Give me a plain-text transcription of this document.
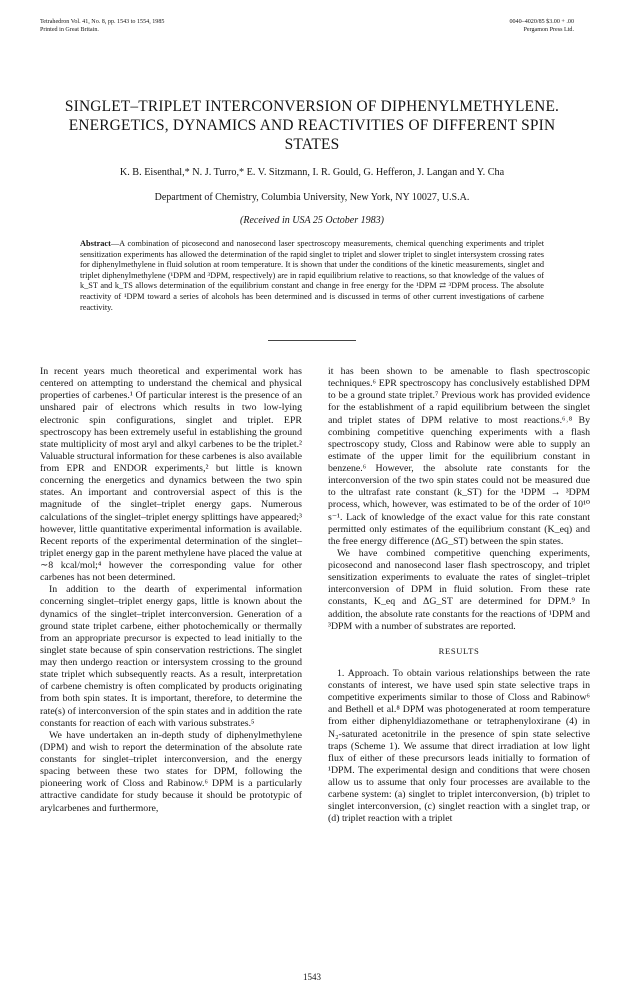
Tetrahedron Vol. 41, No. 8, pp. 1543 to 1554, 1985
Printed in Great Britain.
0040–4020/85 $3.00 + .00
Pergamon Press Ltd.
SINGLET–TRIPLET INTERCONVERSION OF DIPHENYLMETHYLENE. ENERGETICS, DYNAMICS AND REACTIVITIES OF DIFFERENT SPIN STATES
K. B. Eisenthal,* N. J. Turro,* E. V. Sitzmann, I. R. Gould, G. Hefferon, J. Langan and Y. Cha
Department of Chemistry, Columbia University, New York, NY 10027, U.S.A.
(Received in USA 25 October 1983)
Abstract—A combination of picosecond and nanosecond laser spectroscopy measurements, chemical quenching experiments and triplet sensitization experiments has allowed the determination of the rapid singlet to triplet and slower triplet to singlet intersystem crossing rates for diphenylmethylene in fluid solution at room temperature. It is shown that under the conditions of the kinetic measurements, singlet and triplet diphenylmethylene (¹DPM and ³DPM, respectively) are in rapid equilibrium relative to reactions, so that knowledge of the values of k_ST and k_TS allows determination of the equilibrium constant and change in free energy for the ¹DPM ⇄ ³DPM process. The absolute reactivity of ¹DPM toward a series of alcohols has been determined and is discussed in terms of other current investigations of carbene reactivity.

In recent years much theoretical and experimental work has centered on attempting to understand the chemical and physical properties of carbenes.¹ Of particular interest is the presence of an unshared pair of electrons which results in two low-lying electronic spin configurations, singlet and triplet. EPR spectroscopy has been extremely useful in establishing the ground state multiplicity of most aryl and alkyl carbenes to be the triplet.² Valuable structural information for these carbenes is also available from EPR and ENDOR experiments,² but little is known concerning the energetics and dynamics between the two spin states. An important and controversial aspect of this is the magnitude of the singlet–triplet energy gaps. Numerous calculations of the singlet–triplet energy splittings have appeared;³ however, little quantitative experimental information is available. Recent reports of the experimental determination of the singlet–triplet energy gap in the parent methylene have placed the value at ∼8 kcal/mol;⁴ however the corresponding value for other carbenes has not been determined.

In addition to the dearth of experimental information concerning singlet–triplet energy gaps, little is known about the dynamics of the singlet–triplet interconversion. Generation of a ground state triplet carbene, either photochemically or thermally from an appropriate precursor is expected to lead initially to the singlet state because of spin conservation restrictions. The singlet may then undergo reaction or intersystem crossing to the ground state triplet which subsequently reacts. As a result, interpretation of carbene chemistry is often complicated by products originating from both spin states. It is important, therefore, to determine the rate(s) of interconversion of the spin states and in addition the rate constants for reaction of each with various substrates.⁵

We have undertaken an in-depth study of diphenylmethylene (DPM) and wish to report the determination of the absolute rate constants for singlet–triplet interconversion, and the energy spacing between these two states for DPM, following the pioneering work of Closs and Rabinow.⁶ DPM is a particularly attractive candidate for study because it should be prototypic of arylcarbenes and furthermore,

it has been shown to be amenable to flash spectroscopic techniques.⁶ EPR spectroscopy has conclusively established DPM to be a ground state triplet.⁷ Previous work has provided evidence for the establishment of a rapid equilibrium between the singlet and triplet states of DPM relative to most reactions.⁶˒⁸ By combining competitive quenching experiments with a flash spectroscopy study, Closs and Rabinow were able to supply an estimate of the upper limit for the equilibrium constant in benzene.⁶ However, the absolute rate constants for the interconversion of the two spin states could not be measured due to the ultrafast rate constant (k_ST) for the ¹DPM → ³DPM process, which, however, was estimated to be of the order of 10¹⁰ s⁻¹. Lack of knowledge of the exact value for this rate constant permitted only estimates of the equilibrium constant (K_eq) and the free energy difference (ΔG_ST) between the spin states.

We have combined competitive quenching experiments, picosecond and nanosecond laser flash spectroscopy, and triplet sensitization experiments to evaluate the rates of singlet–triplet interconversion of DPM in fluid solution. From these rate constants, K_eq and ΔG_ST are determined for DPM.⁹ In addition, the absolute rate constants for the reactions of ¹DPM and ³DPM with a number of substrates are reported.

RESULTS

1. Approach. To obtain various relationships between the rate constants of interest, we have used spin state selective traps in competitive experiments similar to those of Closs and Rabinow⁶ and Bethell et al.⁸ DPM was photogenerated at room temperature from either diphenyldiazomethane or tetraphenyloxirane (4) in N₂-saturated acetonitrile in the presence of spin state selective traps (Scheme 1). We assume that direct irradiation at low light flux of either of these precursors leads initially to formation of ¹DPM. The experimental design and conditions that were chosen allow us to assume that only four processes are available to the carbene system: (a) singlet to triplet interconversion, (b) triplet to singlet interconversion, (c) singlet reaction with a singlet trap, or (d) triplet reaction with a triplet

1543
